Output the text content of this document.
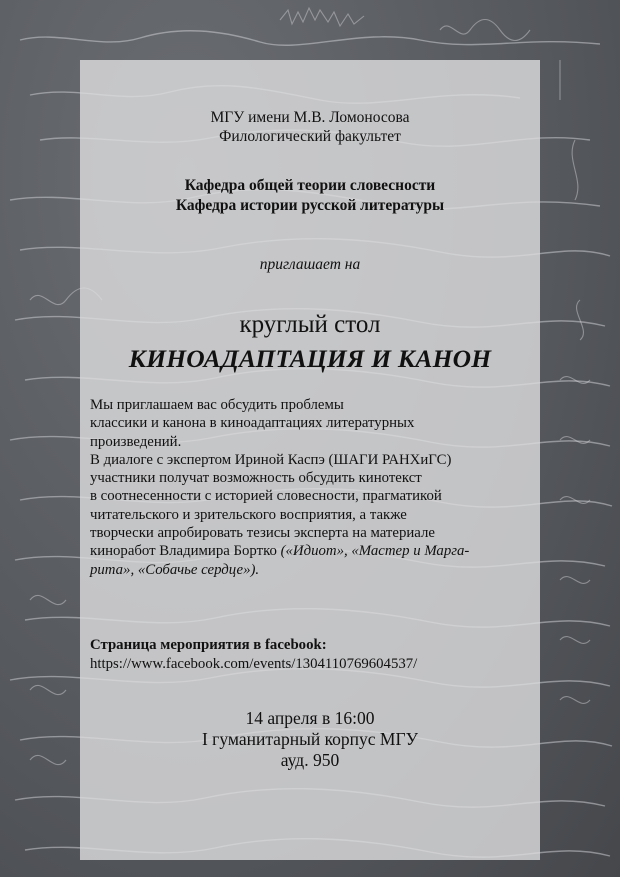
МГУ имени М.В. Ломоносова
Филологический факультет
Кафедра общей теории словесности
Кафедра истории русской литературы
приглашает на
круглый стол
КИНОАДАПТАЦИЯ И КАНОН

Мы приглашаем вас обсудить проблемы

классики и канона в киноадаптациях литературных

произведений.

В диалоге с экспертом Ириной Каспэ (ШАГИ РАНХиГС)

участники получат возможность обсудить кинотекст

в соотнесенности с историей словесности, прагматикой

читательского и зрительского восприятия, а также

творчески апробировать тезисы эксперта на материале

киноработ Владимира Бортко («Идиот», «Мастер и Марга-

рита», «Собачье сердце»).

Страница мероприятия в facebook:
https://www.facebook.com/events/1304110769604537/
14 апреля в 16:00
I гуманитарный корпус МГУ
ауд. 950
